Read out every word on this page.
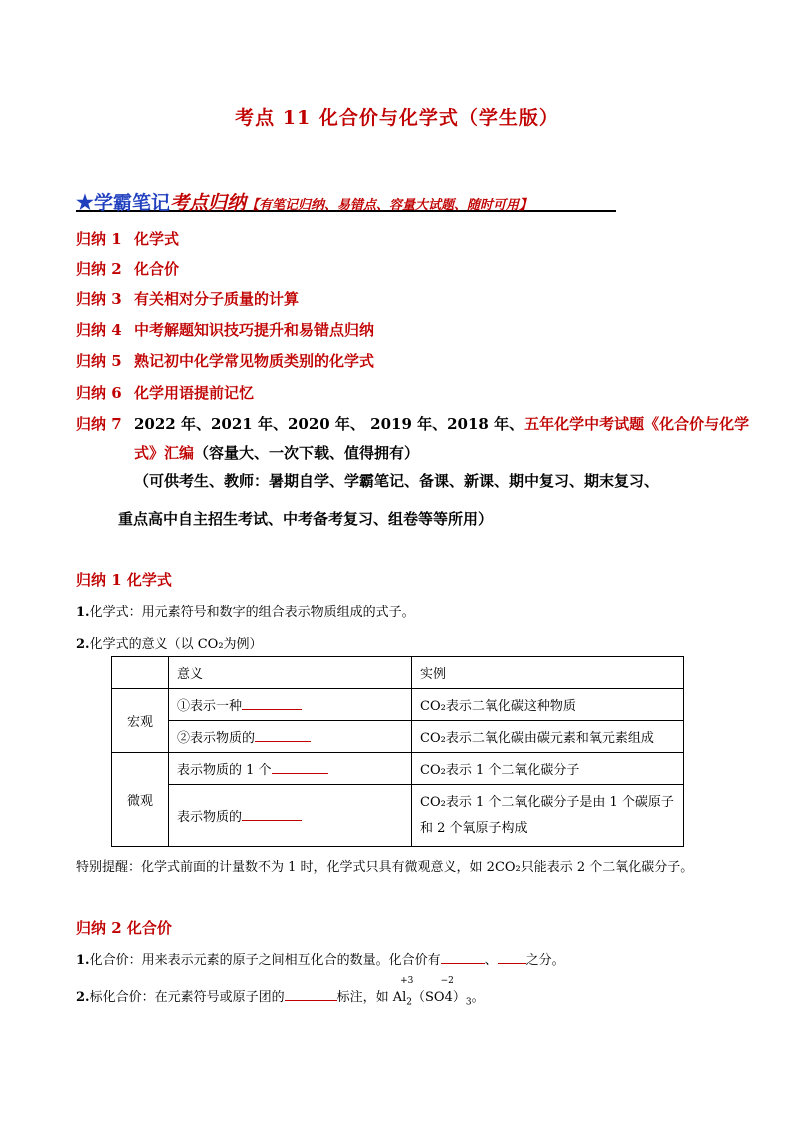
考点 11 化合价与化学式（学生版）
★学霸笔记考点归纳【有笔记归纳、易错点、容量大试题、随时可用】
归纳 1 化学式
归纳 2 化合价
归纳 3 有关相对分子质量的计算
归纳 4 中考解题知识技巧提升和易错点归纳
归纳 5 熟记初中化学常见物质类别的化学式
归纳 6 化学用语提前记忆
归纳 7 2022 年、2021 年、2020 年、 2019 年、2018 年、五年化学中考试题《化合价与化学
式》汇编（容量大、一次下载、值得拥有）
（可供考生、教师：暑期自学、学霸笔记、备课、新课、期中复习、期末复习、
重点高中自主招生考试、中考备考复习、组卷等等所用）
归纳 1 化学式
1.化学式：用元素符号和数字的组合表示物质组成的式子。
2.化学式的意义（以 CO₂为例）
	意义	实例
宏观	①表示一种	CO₂表示二氧化碳这种物质
	②表示物质的	CO₂表示二氧化碳由碳元素和氧元素组成
微观	表示物质的 1 个	CO₂表示 1 个二氧化碳分子
	表示物质的	CO₂表示 1 个二氧化碳分子是由 1 个碳原子
和 2 个氧原子构成
特别提醒：化学式前面的计量数不为 1 时，化学式只具有微观意义，如 2CO₂只能表示 2 个二氧化碳分子。
归纳 2 化合价
1.化合价：用来表示元素的原子之间相互化合的数量。化合价有	、 之分。
2.标化合价：在元素符号或原子团的	标注，如 A
+3
$l_2(SO$
−2
$4)_3$。
